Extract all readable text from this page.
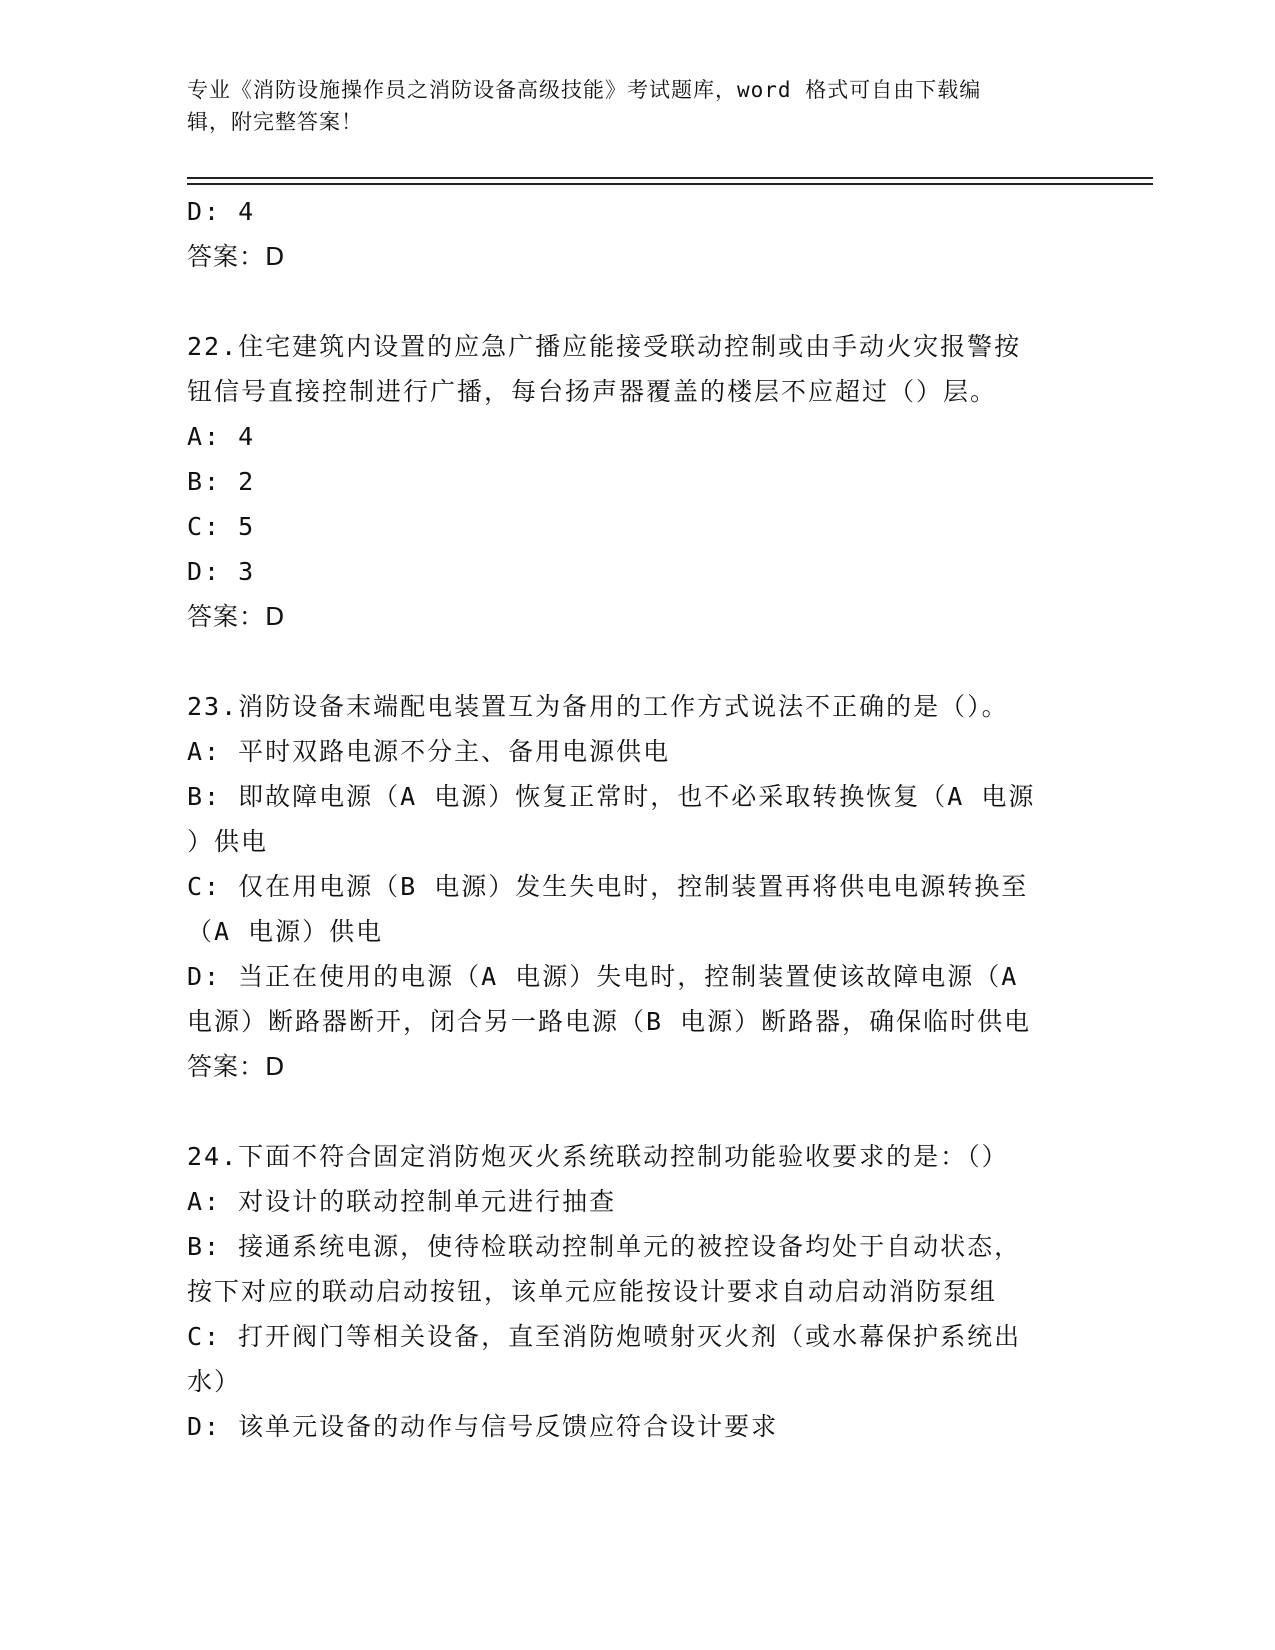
专业《消防设施操作员之消防设备高级技能》考试题库，word 格式可自由下载编
辑，附完整答案！
D: 4
答案：D
22.住宅建筑内设置的应急广播应能接受联动控制或由手动火灾报警按
钮信号直接控制进行广播，每台扬声器覆盖的楼层不应超过（）层。
A: 4
B: 2
C: 5
D: 3
答案：D
23.消防设备末端配电装置互为备用的工作方式说法不正确的是（）。
A: 平时双路电源不分主、备用电源供电
B: 即故障电源（A 电源）恢复正常时，也不必采取转换恢复（A 电源
）供电
C: 仅在用电源（B 电源）发生失电时，控制装置再将供电电源转换至
（A 电源）供电
D: 当正在使用的电源（A 电源）失电时，控制装置使该故障电源（A
电源）断路器断开，闭合另一路电源（B 电源）断路器，确保临时供电
答案：D
24.下面不符合固定消防炮灭火系统联动控制功能验收要求的是：（）
A: 对设计的联动控制单元进行抽查
B: 接通系统电源，使待检联动控制单元的被控设备均处于自动状态，
按下对应的联动启动按钮，该单元应能按设计要求自动启动消防泵组
C: 打开阀门等相关设备，直至消防炮喷射灭火剂（或水幕保护系统出
水）
D: 该单元设备的动作与信号反馈应符合设计要求
